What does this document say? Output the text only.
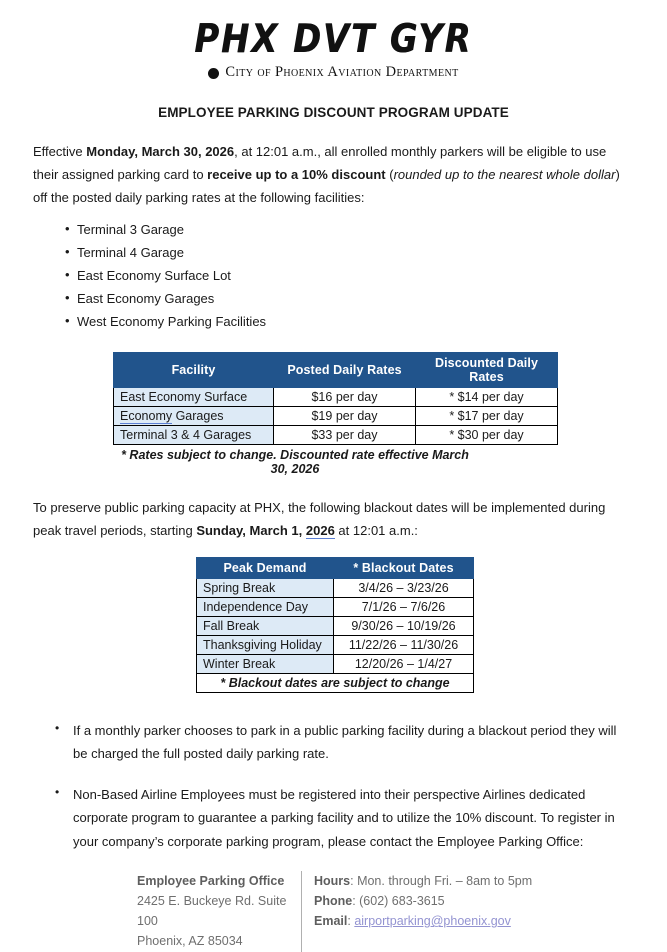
PHX DVT GYR
City of Phoenix Aviation Department
EMPLOYEE PARKING DISCOUNT PROGRAM UPDATE
Effective Monday, March 30, 2026, at 12:01 a.m., all enrolled monthly parkers will be eligible to use their assigned parking card to receive up to a 10% discount (rounded up to the nearest whole dollar) off the posted daily parking rates at the following facilities:
• Terminal 3 Garage
• Terminal 4 Garage
• East Economy Surface Lot
• East Economy Garages
• West Economy Parking Facilities
Facility	Posted Daily Rates	Discounted Daily Rates
East Economy Surface	$16 per day	* $14 per day
Economy Garages	$19 per day	* $17 per day
Terminal 3 & 4 Garages	$33 per day	* $30 per day
* Rates subject to change. Discounted rate effective March 30, 2026
To preserve public parking capacity at PHX, the following blackout dates will be implemented during peak travel periods, starting Sunday, March 1, 2026 at 12:01 a.m.:
Peak Demand	* Blackout Dates
Spring Break	3/4/26 – 3/23/26
Independence Day	7/1/26 – 7/6/26
Fall Break	9/30/26 – 10/19/26
Thanksgiving Holiday	11/22/26 – 11/30/26
Winter Break	12/20/26 – 1/4/27
* Blackout dates are subject to change	
• If a monthly parker chooses to park in a public parking facility during a blackout period they will be charged the full posted daily parking rate.
• Non-Based Airline Employees must be registered into their perspective Airlines dedicated corporate program to guarantee a parking facility and to utilize the 10% discount. To register in your company’s corporate parking program, please contact the Employee Parking Office:
Employee Parking Office
2425 E. Buckeye Rd. Suite 100
Phoenix, AZ 85034
Hours: Mon. through Fri. – 8am to 5pm
Phone: (602) 683-3615
Email: airportparking@phoenix.gov
